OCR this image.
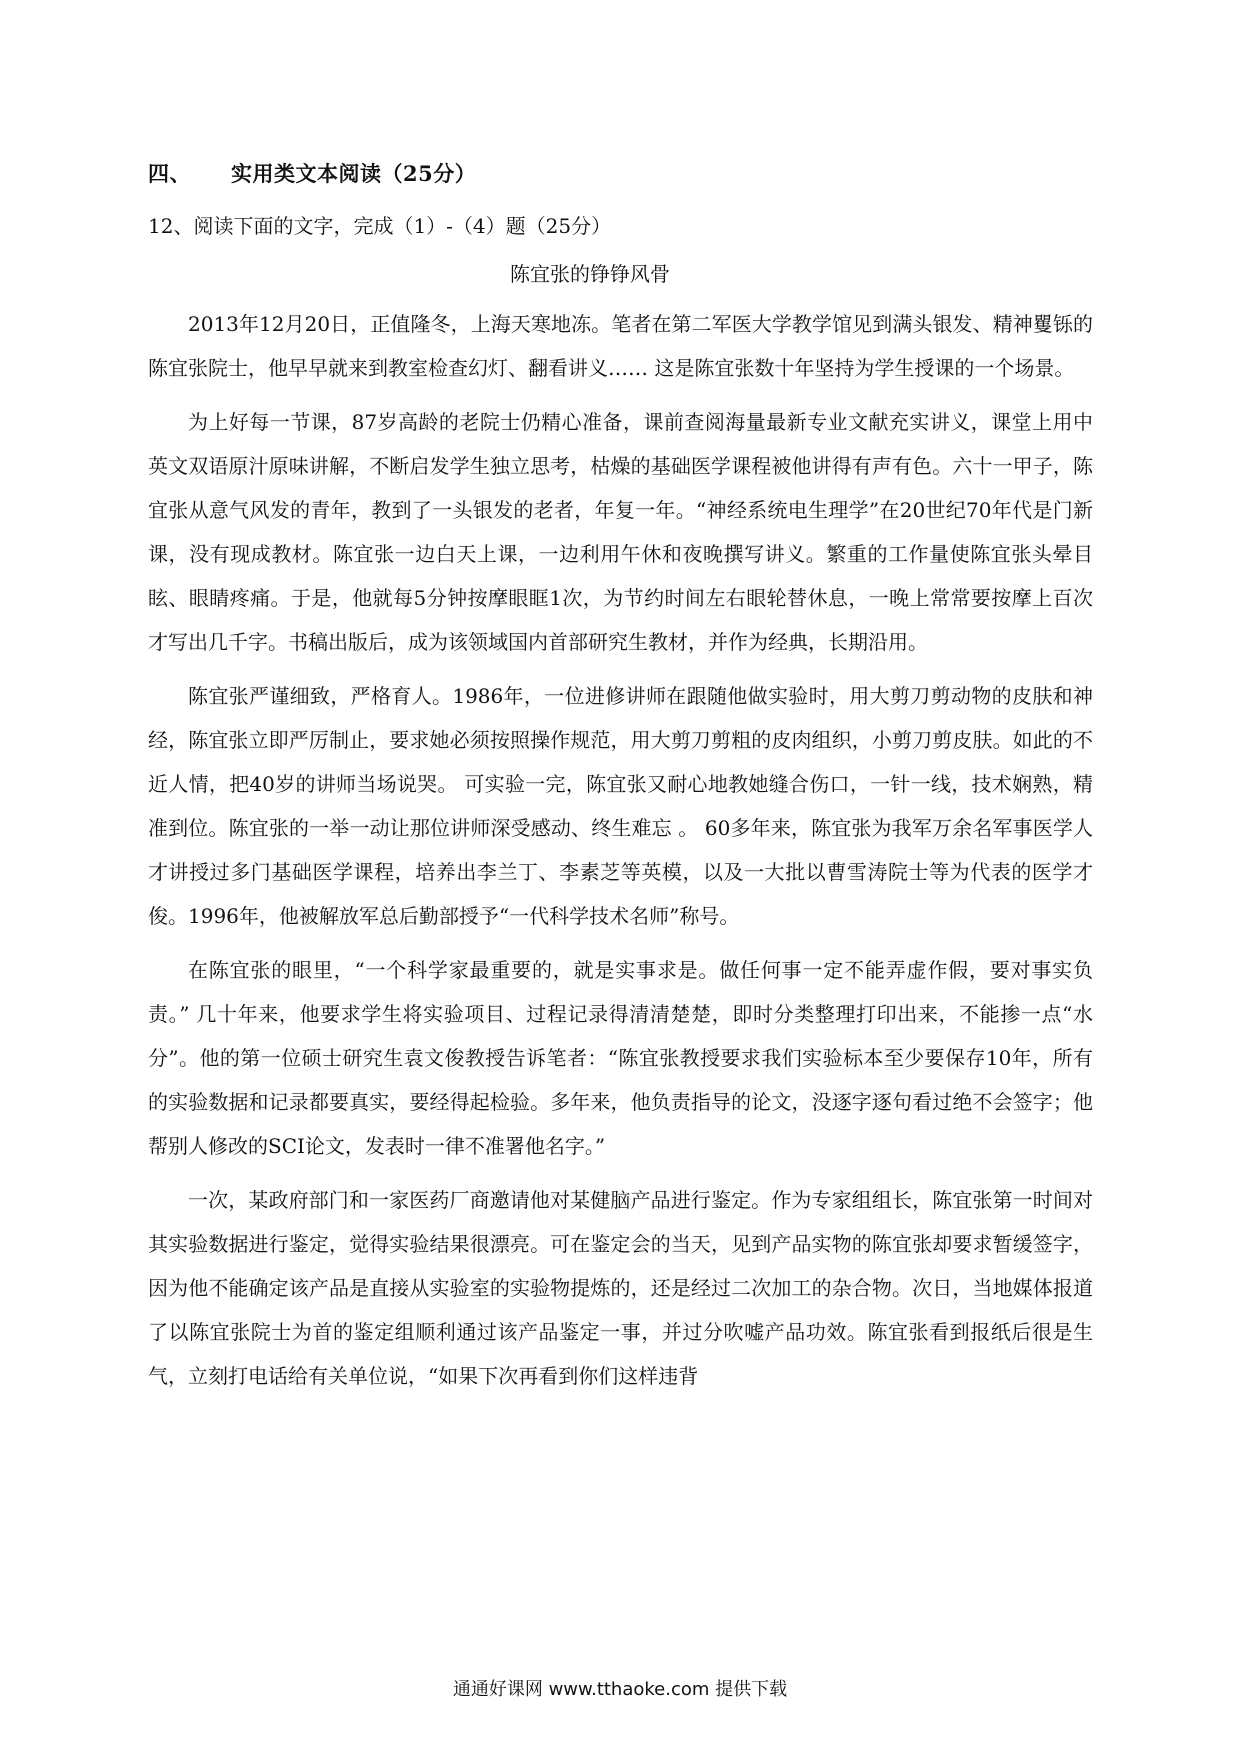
四、 实用类文本阅读（25分）
12、阅读下面的文字，完成（1）-（4）题（25分）
陈宜张的铮铮风骨

2013年12月20日，正值隆冬，上海天寒地冻。笔者在第二军医大学教学馆见到满头银发、精神矍铄的陈宜张院士，他早早就来到教室检查幻灯、翻看讲义…… 这是陈宜张数十年坚持为学生授课的一个场景。

为上好每一节课，87岁高龄的老院士仍精心准备，课前查阅海量最新专业文献充实讲义，课堂上用中英文双语原汁原味讲解，不断启发学生独立思考，枯燥的基础医学课程被他讲得有声有色。六十一甲子，陈宜张从意气风发的青年，教到了一头银发的老者，年复一年。“神经系统电生理学”在20世纪70年代是门新课，没有现成教材。陈宜张一边白天上课，一边利用午休和夜晚撰写讲义。繁重的工作量使陈宜张头晕目眩、眼睛疼痛。于是，他就每5分钟按摩眼眶1次，为节约时间左右眼轮替休息，一晚上常常要按摩上百次才写出几千字。书稿出版后，成为该领域国内首部研究生教材，并作为经典，长期沿用。

陈宜张严谨细致，严格育人。1986年，一位进修讲师在跟随他做实验时，用大剪刀剪动物的皮肤和神经，陈宜张立即严厉制止，要求她必须按照操作规范，用大剪刀剪粗的皮肉组织，小剪刀剪皮肤。如此的不近人情，把40岁的讲师当场说哭。 可实验一完，陈宜张又耐心地教她缝合伤口，一针一线，技术娴熟，精准到位。陈宜张的一举一动让那位讲师深受感动、终生难忘 。 60多年来，陈宜张为我军万余名军事医学人才讲授过多门基础医学课程，培养出李兰丁、李素芝等英模，以及一大批以曹雪涛院士等为代表的医学才俊。1996年，他被解放军总后勤部授予“一代科学技术名师”称号。

在陈宜张的眼里，“一个科学家最重要的，就是实事求是。做任何事一定不能弄虚作假，要对事实负责。” 几十年来，他要求学生将实验项目、过程记录得清清楚楚，即时分类整理打印出来，不能掺一点“水分”。他的第一位硕士研究生袁文俊教授告诉笔者：“陈宜张教授要求我们实验标本至少要保存10年，所有的实验数据和记录都要真实，要经得起检验。多年来，他负责指导的论文，没逐字逐句看过绝不会签字；他帮别人修改的SCI论文，发表时一律不准署他名字。”

一次，某政府部门和一家医药厂商邀请他对某健脑产品进行鉴定。作为专家组组长，陈宜张第一时间对其实验数据进行鉴定，觉得实验结果很漂亮。可在鉴定会的当天，见到产品实物的陈宜张却要求暂缓签字，因为他不能确定该产品是直接从实验室的实验物提炼的，还是经过二次加工的杂合物。次日，当地媒体报道了以陈宜张院士为首的鉴定组顺利通过该产品鉴定一事，并过分吹嘘产品功效。陈宜张看到报纸后很是生气，立刻打电话给有关单位说，“如果下次再看到你们这样违背

通通好课网 www.tthaoke.com 提供下载
